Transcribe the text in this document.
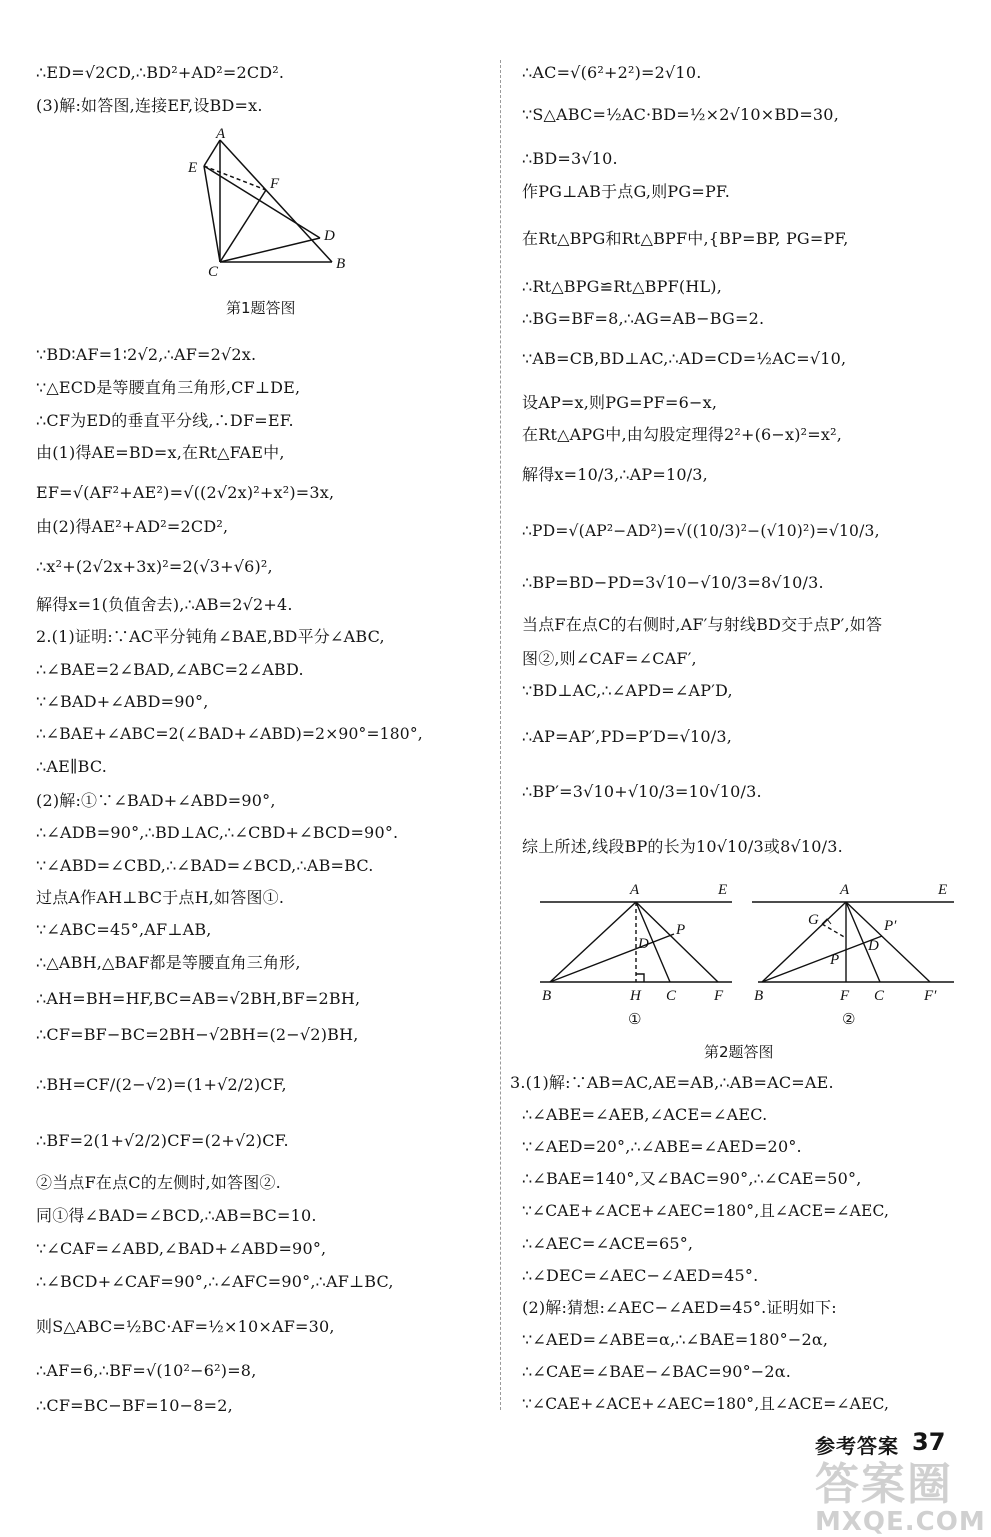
∴ED=√2CD,∴BD²+AD²=2CD².
(3)解:如答图,连接EF,设BD=x.
A
E
F
D
C	B
第1题答图
∵BD∶AF=1∶2√2,∴AF=2√2x.
∵△ECD是等腰直角三角形,CF⊥DE,
∴CF为ED的垂直平分线,∴DF=EF.
由(1)得AE=BD=x,在Rt△FAE中,
EF=√(AF²+AE²)=√((2√2x)²+x²)=3x,
由(2)得AE²+AD²=2CD²,
∴x²+(2√2x+3x)²=2(√3+√6)²,
解得x=1(负值舍去),∴AB=2√2+4.
2.(1)证明:∵AC平分钝角∠BAE,BD平分∠ABC,
∴∠BAE=2∠BAD,∠ABC=2∠ABD.
∵∠BAD+∠ABD=90°,
∴∠BAE+∠ABC=2(∠BAD+∠ABD)=2×90°=180°,
∴AE∥BC.
(2)解:①∵∠BAD+∠ABD=90°,
∴∠ADB=90°,∴BD⊥AC,∴∠CBD+∠BCD=90°.
∵∠ABD=∠CBD,∴∠BAD=∠BCD,∴AB=BC.
过点A作AH⊥BC于点H,如答图①.
∵∠ABC=45°,AF⊥AB,
∴△ABH,△BAF都是等腰直角三角形,
∴AH=BH=HF,BC=AB=√2BH,BF=2BH,
∴CF=BF−BC=2BH−√2BH=(2−√2)BH,
∴BH=CF/(2−√2)=(1+√2/2)CF,
∴BF=2(1+√2/2)CF=(2+√2)CF.
②当点F在点C的左侧时,如答图②.
同①得∠BAD=∠BCD,∴AB=BC=10.
∵∠CAF=∠ABD,∠BAD+∠ABD=90°,
∴∠BCD+∠CAF=90°,∴∠AFC=90°,∴AF⊥BC,
则S△ABC=½BC·AF=½×10×AF=30,
∴AF=6,∴BF=√(10²−6²)=8,
∴CF=BC−BF=10−8=2,
∴AC=√(6²+2²)=2√10.
∵S△ABC=½AC·BD=½×2√10×BD=30,
∴BD=3√10.
作PG⊥AB于点G,则PG=PF.
在Rt△BPG和Rt△BPF中,{BP=BP, PG=PF,
∴Rt△BPG≌Rt△BPF(HL),
∴BG=BF=8,∴AG=AB−BG=2.
∵AB=CB,BD⊥AC,∴AD=CD=½AC=√10,
设AP=x,则PG=PF=6−x,
在Rt△APG中,由勾股定理得2²+(6−x)²=x²,
解得x=10/3,∴AP=10/3,
∴PD=√(AP²−AD²)=√((10/3)²−(√10)²)=√10/3,
∴BP=BD−PD=3√10−√10/3=8√10/3.
当点F在点C的右侧时,AF′与射线BD交于点P′,如答
图②,则∠CAF=∠CAF′,
∵BD⊥AC,∴∠APD=∠AP′D,
∴AP=AP′,PD=P′D=√10/3,
∴BP′=3√10+√10/3=10√10/3.
综上所述,线段BP的长为10√10/3或8√10/3.
A	E
D
P
B	H C	F
①
A	E
G	P′
D
P
B	F C	F′
②
第2题答图
3.(1)解:∵AB=AC,AE=AB,∴AB=AC=AE.
∴∠ABE=∠AEB,∠ACE=∠AEC.
∵∠AED=20°,∴∠ABE=∠AED=20°.
∴∠BAE=140°,又∠BAC=90°,∴∠CAE=50°,
∵∠CAE+∠ACE+∠AEC=180°,且∠ACE=∠AEC,
∴∠AEC=∠ACE=65°,
∴∠DEC=∠AEC−∠AED=45°.
(2)解:猜想:∠AEC−∠AED=45°.证明如下:
∵∠AED=∠ABE=α,∴∠BAE=180°−2α,
∴∠CAE=∠BAE−∠BAC=90°−2α.
∵∠CAE+∠ACE+∠AEC=180°,且∠ACE=∠AEC,
参考答案 37
答案圈
MXQE.COM
